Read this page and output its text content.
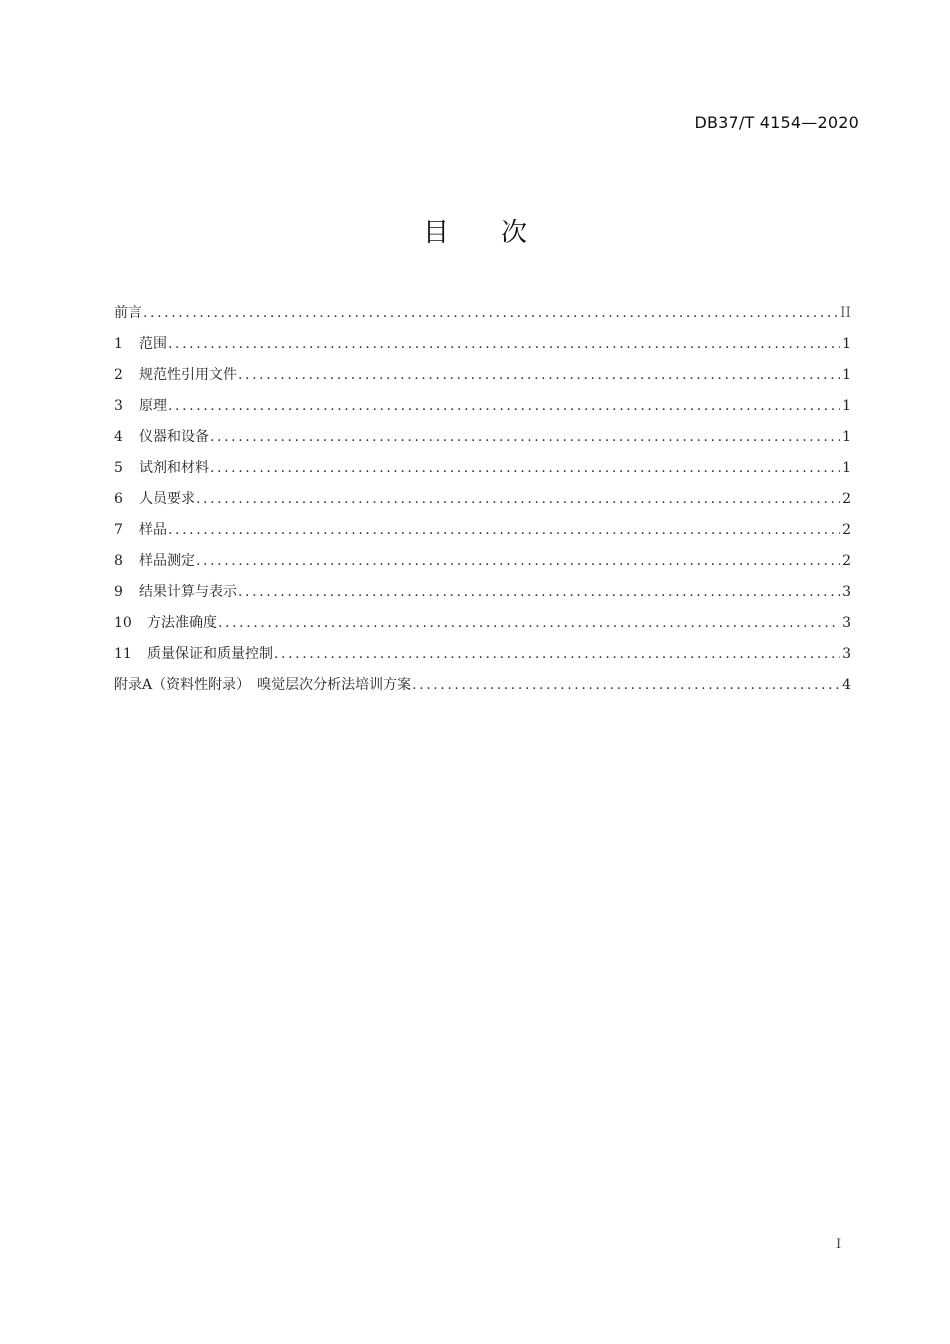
DB37/T 4154—2020
目 次
前言 .....	II
1	范围 .....	1
2	规范性引用文件 .....	1
3	原理 .....	1
4	仪器和设备 .....	1
5	试剂和材料 .....	1
6	人员要求 .....	2
7	样品 .....	2
8	样品测定 .....	2
9	结果计算与表示 .....	3
10	方法准确度 .....	3
11	质量保证和质量控制 .....	3
附录A（资料性附录）　嗅觉层次分析法培训方案 .....	4
I
